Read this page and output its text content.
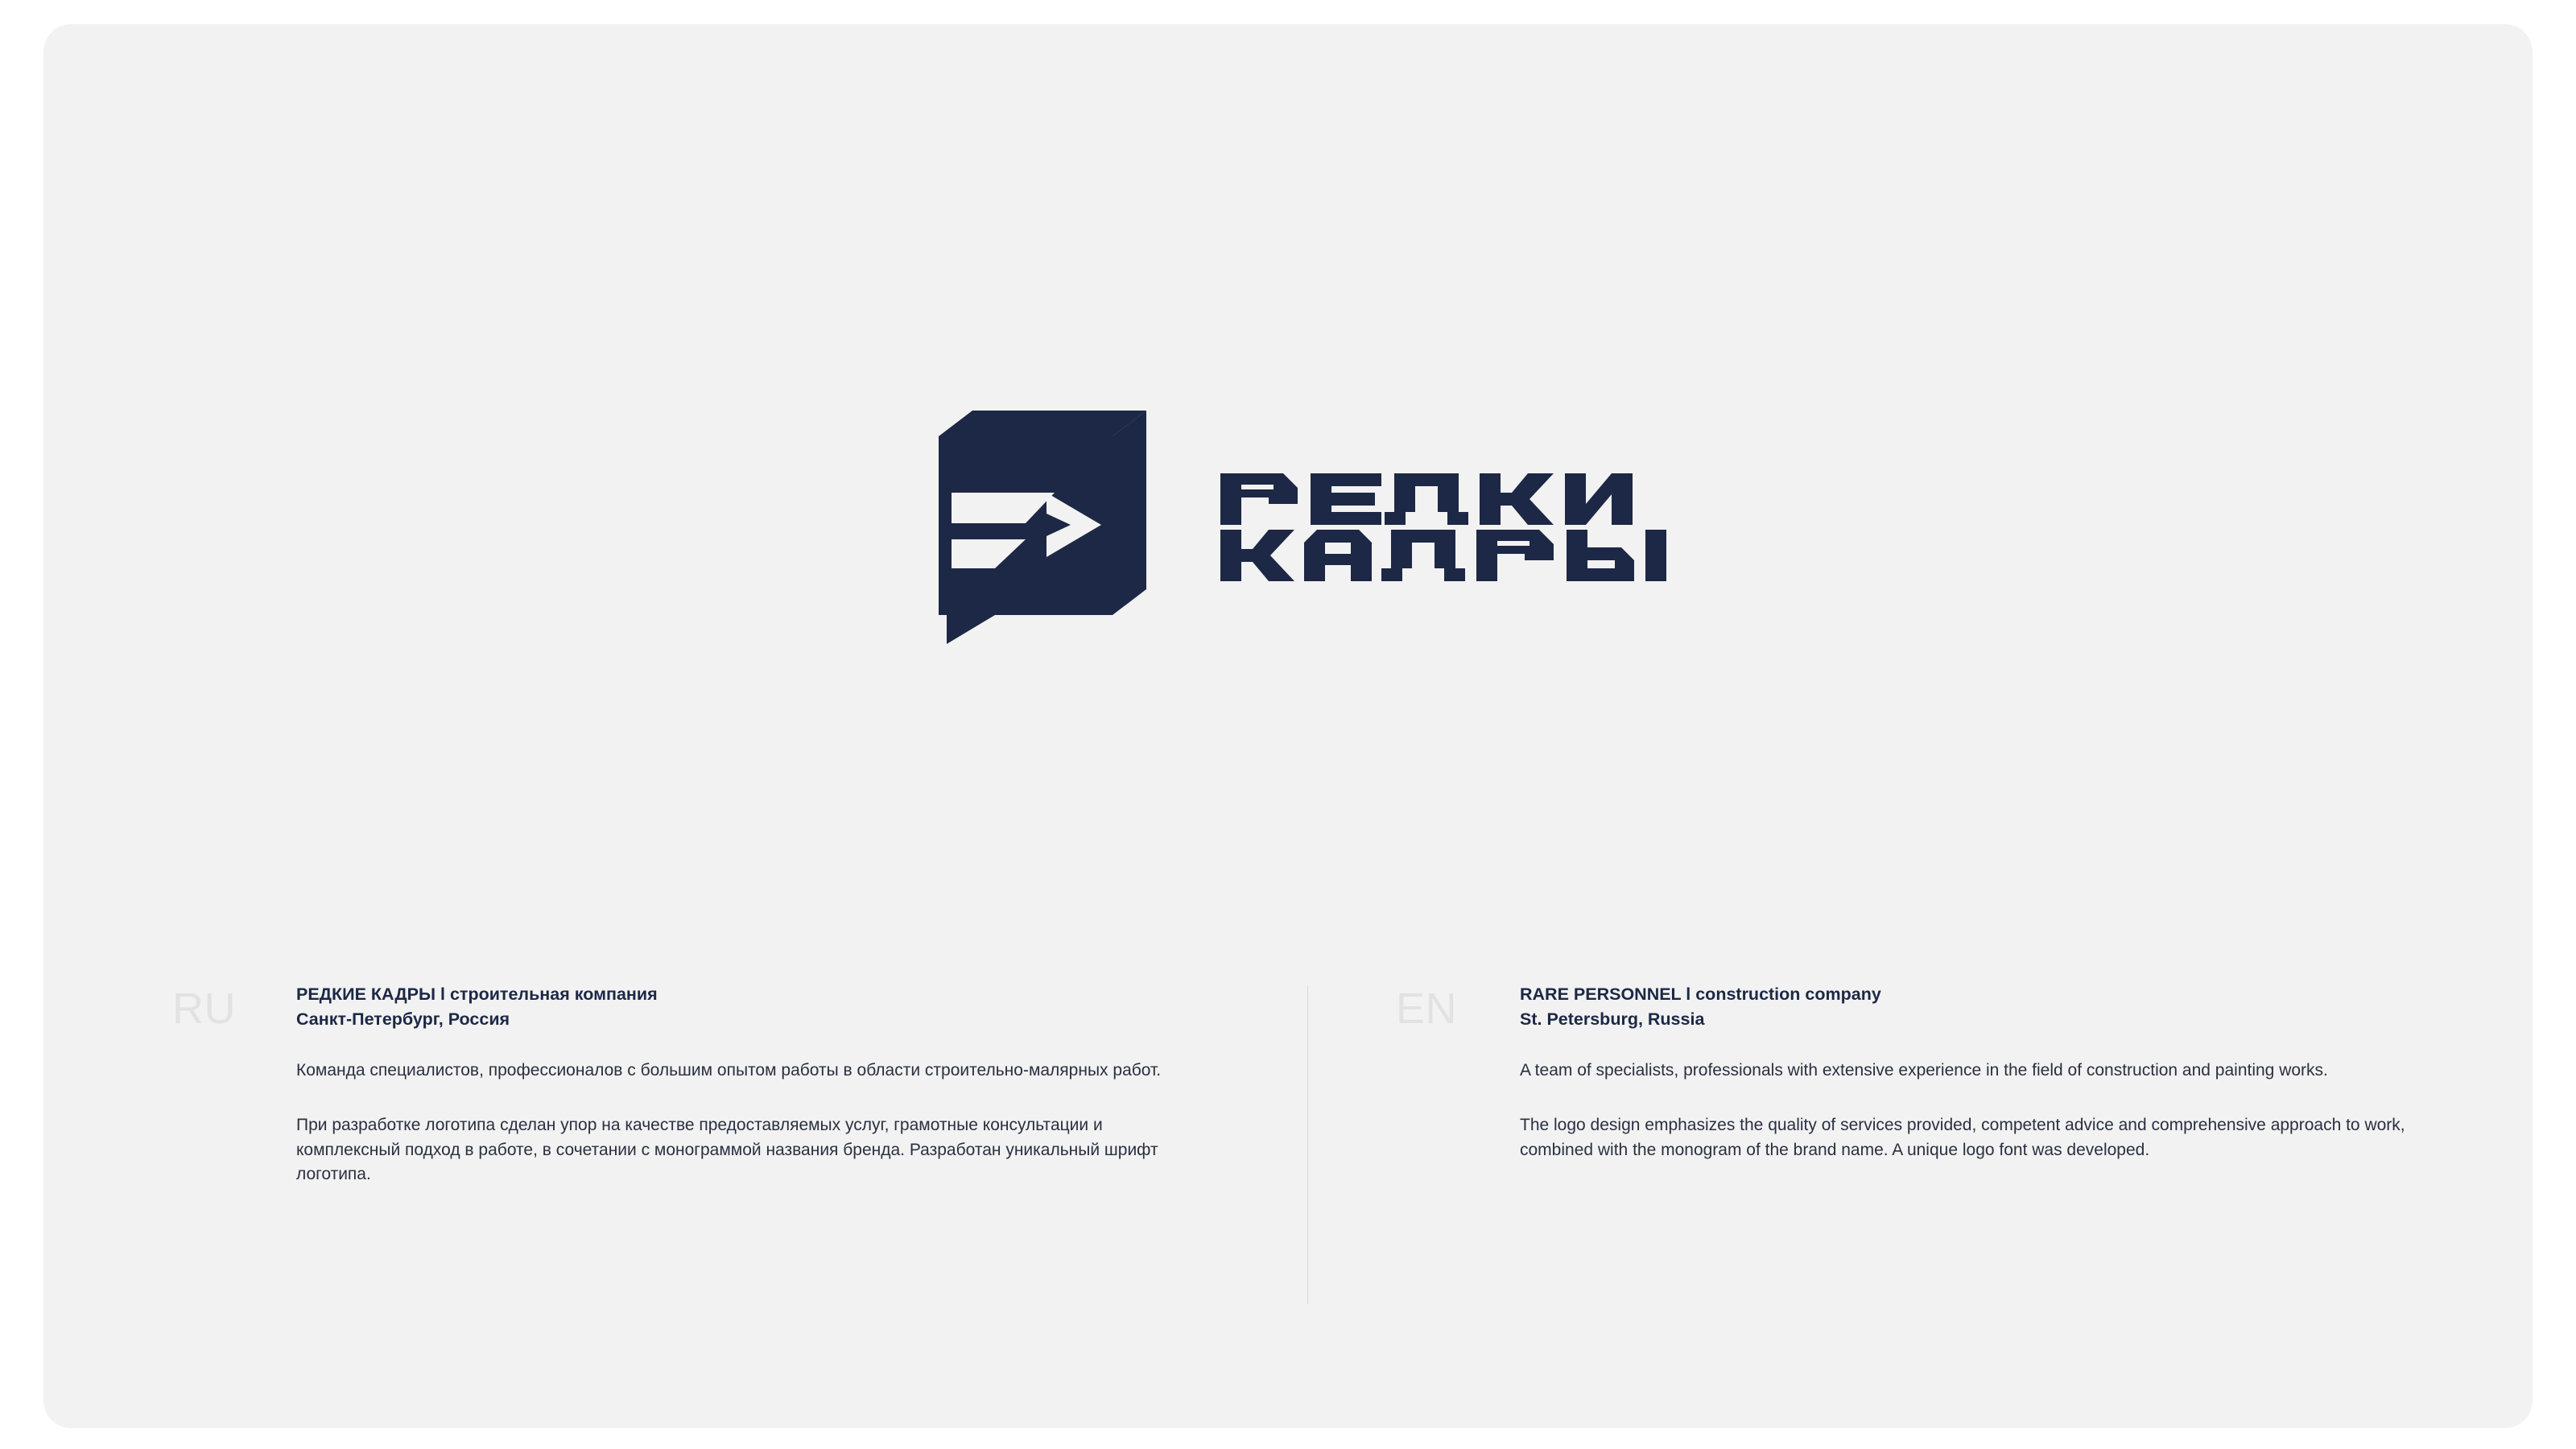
RU	РЕДКИЕ КАДРЫ l строительная компания
Санкт-Петербург, Россия

Команда специалистов, профессионалов с большим опытом работы в области строительно-малярных работ.

При разработке логотипа сделан упор на качестве предоставляемых услуг, грамотные консультации и комплексный подход в работе, в сочетании с монограммой названия бренда. Разработан уникальный шрифт логотипа.

EN	RARE PERSONNEL l construction company
St. Petersburg, Russia

A team of specialists, professionals with extensive experience in the field of construction and painting works.

The logo design emphasizes the quality of services provided, competent advice and comprehensive approach to work, combined with the monogram of the brand name. A unique logo font was developed.
